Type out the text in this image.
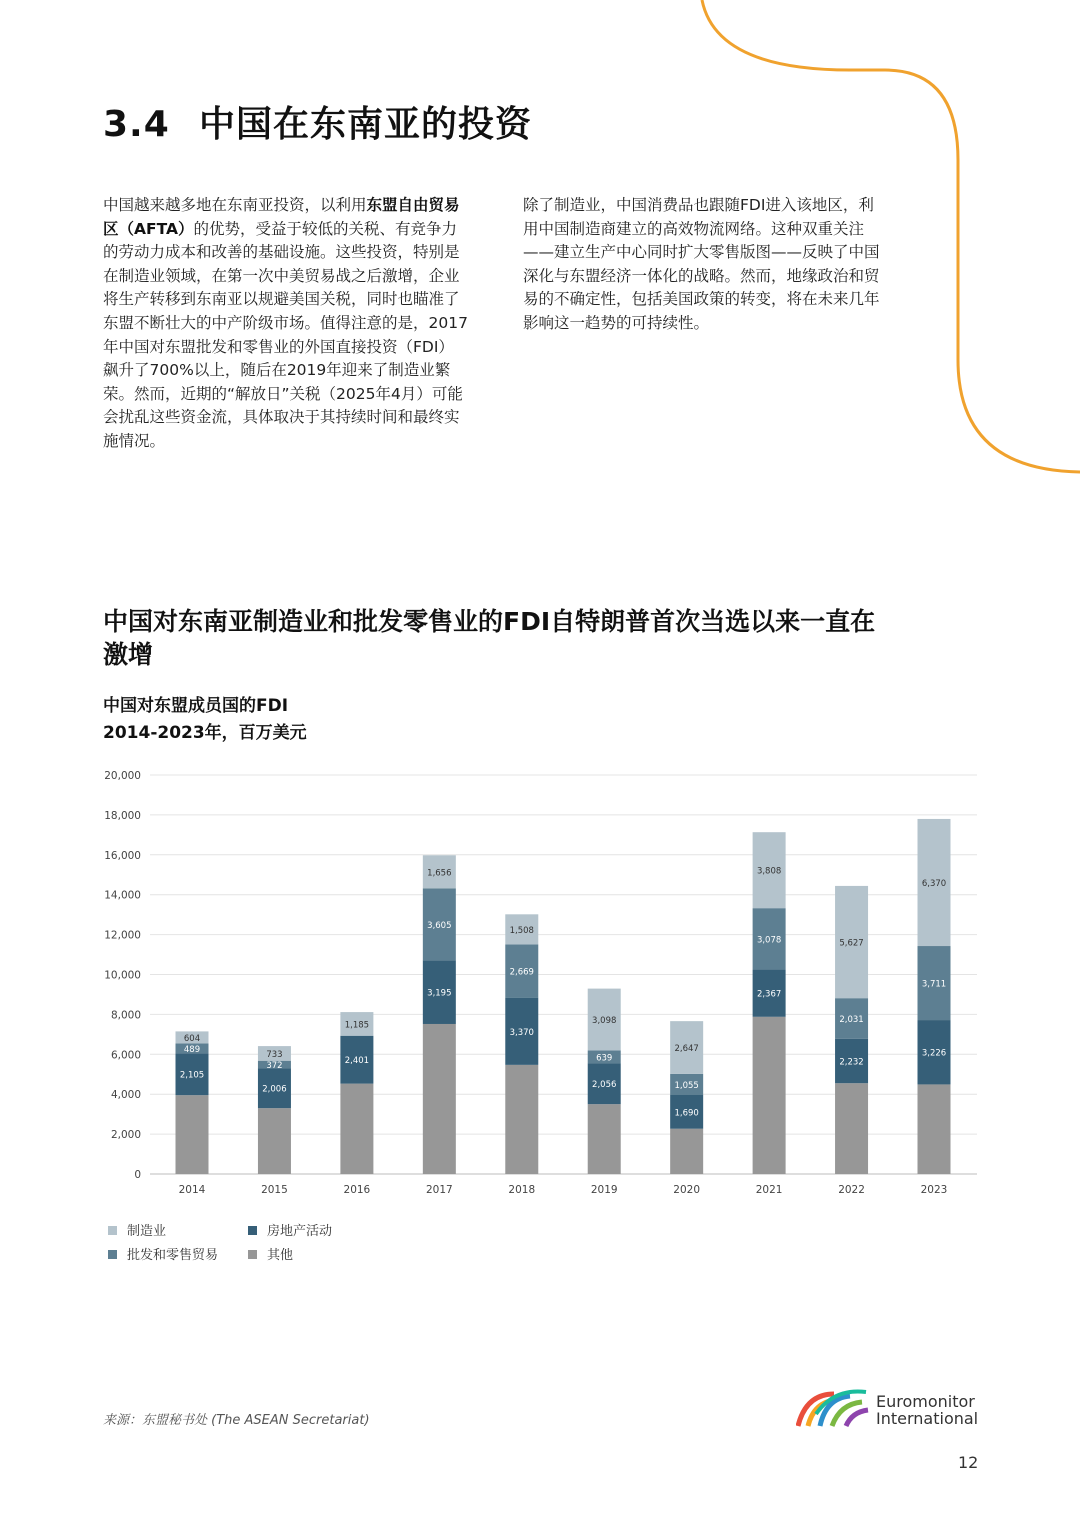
3.4 中国在东南亚的投资

中国越来越多地在东南亚投资，以利用东盟自由贸易区（AFTA）的优势，受益于较低的关税、有竞争力的劳动力成本和改善的基础设施。这些投资，特别是在制造业领域，在第一次中美贸易战之后激增，企业将生产转移到东南亚以规避美国关税，同时也瞄准了东盟不断壮大的中产阶级市场。值得注意的是，2017年中国对东盟批发和零售业的外国直接投资（FDI）飙升了700%以上，随后在2019年迎来了制造业繁荣。然而，近期的“解放日”关税（2025年4月）可能会扰乱这些资金流，具体取决于其持续时间和最终实施情况。

除了制造业，中国消费品也跟随FDI进入该地区，利用中国制造商建立的高效物流网络。这种双重关注——建立生产中心同时扩大零售版图——反映了中国深化与东盟经济一体化的战略。然而，地缘政治和贸易的不确定性，包括美国政策的转变，将在未来几年影响这一趋势的可持续性。

中国对东南亚制造业和批发零售业的FDI自特朗普首次当选以来一直在激增
中国对东盟成员国的FDI
2014-2023年，百万美元
0
2,000
4,000
6,000
8,000
10,000
12,000
14,000
16,000
18,000
20,000
2,105
489
604
2014
2,006
372
733
2015
2,401
1,185
2016
3,195
3,605
1,656
2017
3,370
2,669
1,508
2018
2,056
639
3,098
2019
1,690
1,055
2,647
2020
2,367
3,078
3,808
2021
2,232
2,031
5,627
2022
3,226
3,711
6,370
2023
制造业	房地产活动
批发和零售贸易	其他
来源：东盟秘书处 (The ASEAN Secretariat)
Euromonitor
International
12
